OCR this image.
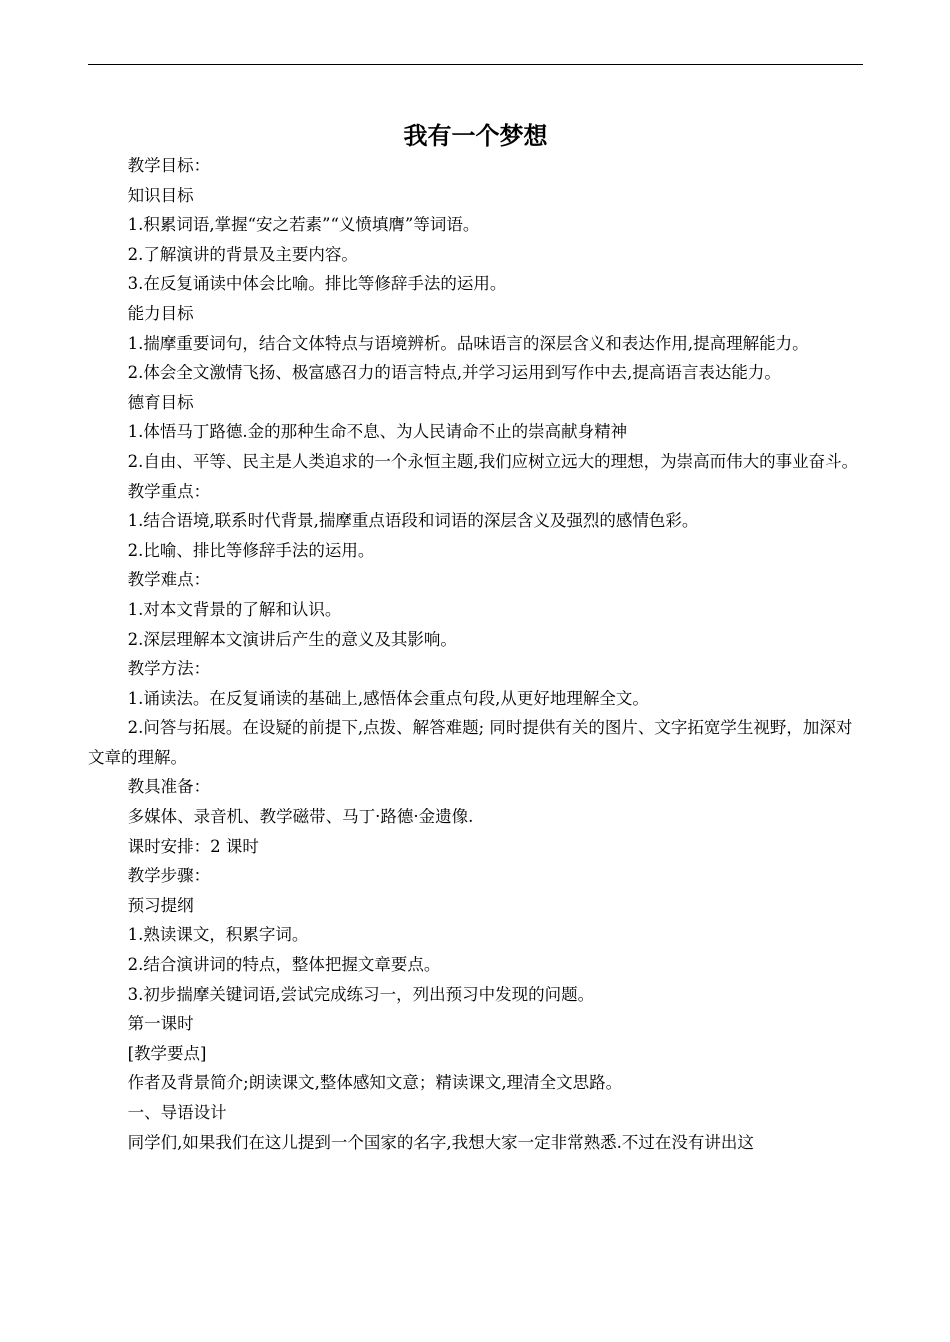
我有一个梦想

教学目标：

知识目标

1.积累词语,掌握“安之若素”“义愤填膺”等词语。

2.了解演讲的背景及主要内容。

3.在反复诵读中体会比喻。排比等修辞手法的运用。

能力目标

1.揣摩重要词句，结合文体特点与语境辨析。品味语言的深层含义和表达作用,提高理解能力。

2.体会全文激情飞扬、极富感召力的语言特点,并学习运用到写作中去,提高语言表达能力。

德育目标

1.体悟马丁路德.金的那种生命不息、为人民请命不止的崇高献身精神

2.自由、平等、民主是人类追求的一个永恒主题,我们应树立远大的理想，为崇高而伟大的事业奋斗。

教学重点：

1.结合语境,联系时代背景,揣摩重点语段和词语的深层含义及强烈的感情色彩。

2.比喻、排比等修辞手法的运用。

教学难点：

1.对本文背景的了解和认识。

2.深层理解本文演讲后产生的意义及其影响。

教学方法：

1.诵读法。在反复诵读的基础上,感悟体会重点句段,从更好地理解全文。

2.问答与拓展。在设疑的前提下,点拨、解答难题; 同时提供有关的图片、文字拓宽学生视野，加深对文章的理解。

教具准备：

多媒体、录音机、教学磁带、马丁·路德·金遗像.

课时安排：2 课时

教学步骤：

预习提纲

1.熟读课文，积累字词。

2.结合演讲词的特点，整体把握文章要点。

3.初步揣摩关键词语,尝试完成练习一，列出预习中发现的问题。

第一课时

[教学要点]

作者及背景简介;朗读课文,整体感知文意；精读课文,理清全文思路。

一、导语设计

同学们,如果我们在这儿提到一个国家的名字,我想大家一定非常熟悉.不过在没有讲出这
